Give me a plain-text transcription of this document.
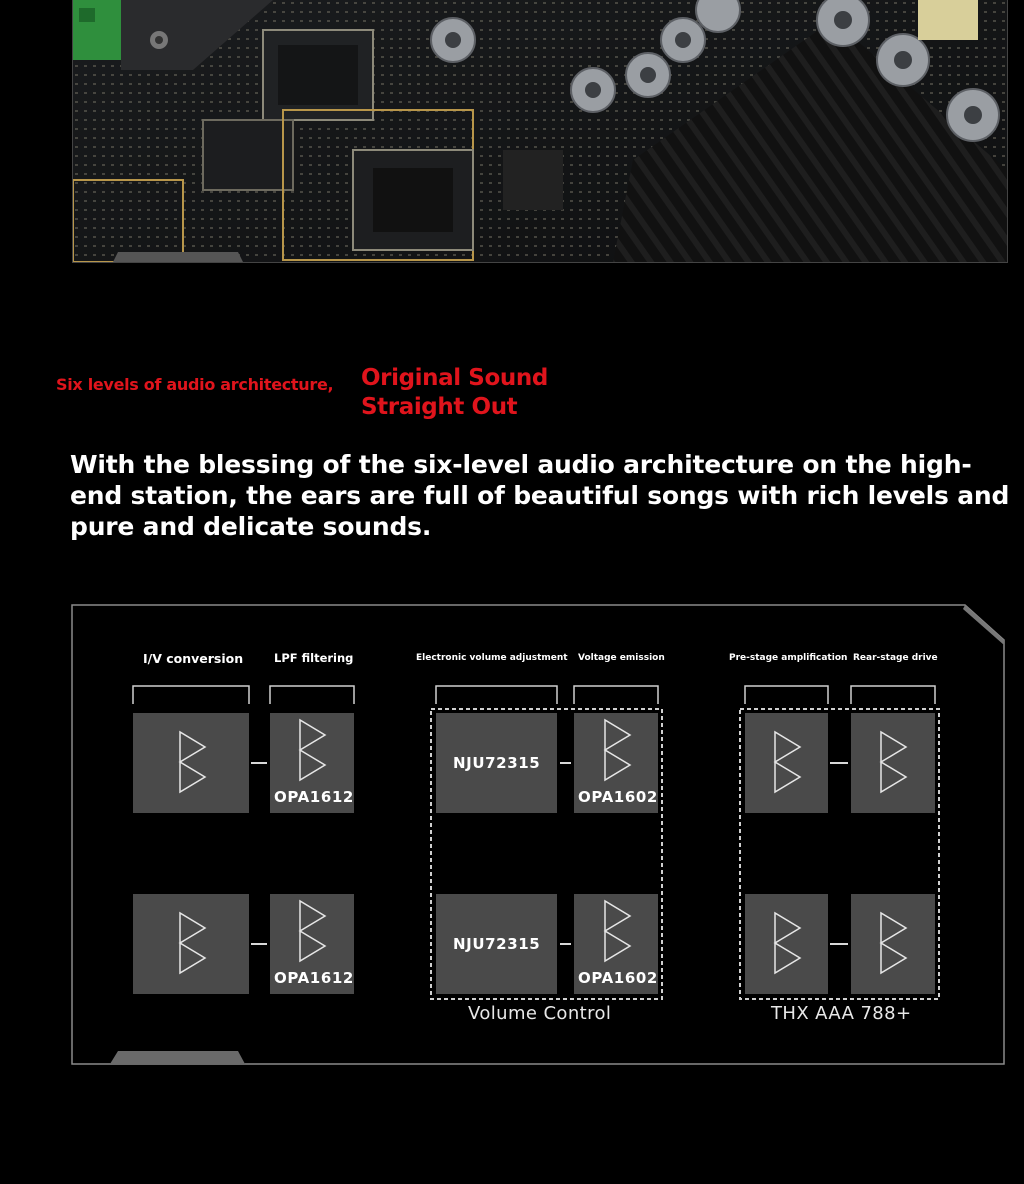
Six levels of audio architecture, Original Sound
Straight Out
With the blessing of the six-level audio architecture on the high-end station, the ears are full of beautiful songs with rich levels and pure and delicate sounds.
I/V conversion	LPF filtering	Electronic volume adjustment Voltage emission	Pre-stage amplification Rear-stage drive
OPA1612
OPA1612
NJU72315
NJU72315
OPA1602
OPA1602
Volume Control	THX AAA 788+
